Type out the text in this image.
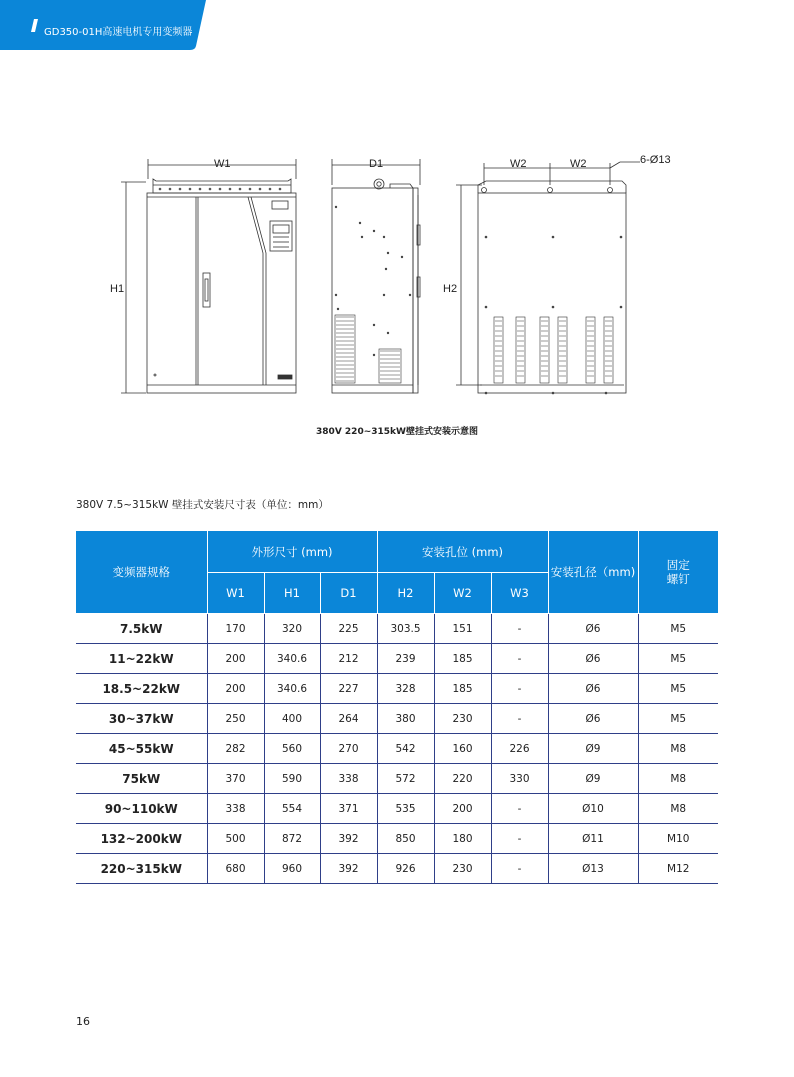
GD350-01H高速电机专用变频器
W1
H1
D1	W2	W2	6-Ø13
H2
380V 220~315kW壁挂式安装示意图
380V 7.5~315kW 壁挂式安装尺寸表（单位：mm）
变频器规格	外形尺寸 (mm)			安装孔位 (mm)			安装孔径（mm)	固定螺钉
	W1	H1	D1	H2	W2	W3		
7.5kW	170	320	225	303.5	151	-	Ø6	M5
11~22kW	200	340.6	212	239	185	-	Ø6	M5
18.5~22kW	200	340.6	227	328	185	-	Ø6	M5
30~37kW	250	400	264	380	230	-	Ø6	M5
45~55kW	282	560	270	542	160	226	Ø9	M8
75kW	370	590	338	572	220	330	Ø9	M8
90~110kW	338	554	371	535	200	-	Ø10	M8
132~200kW	500	872	392	850	180	-	Ø11	M10
220~315kW	680	960	392	926	230	-	Ø13	M12
16
